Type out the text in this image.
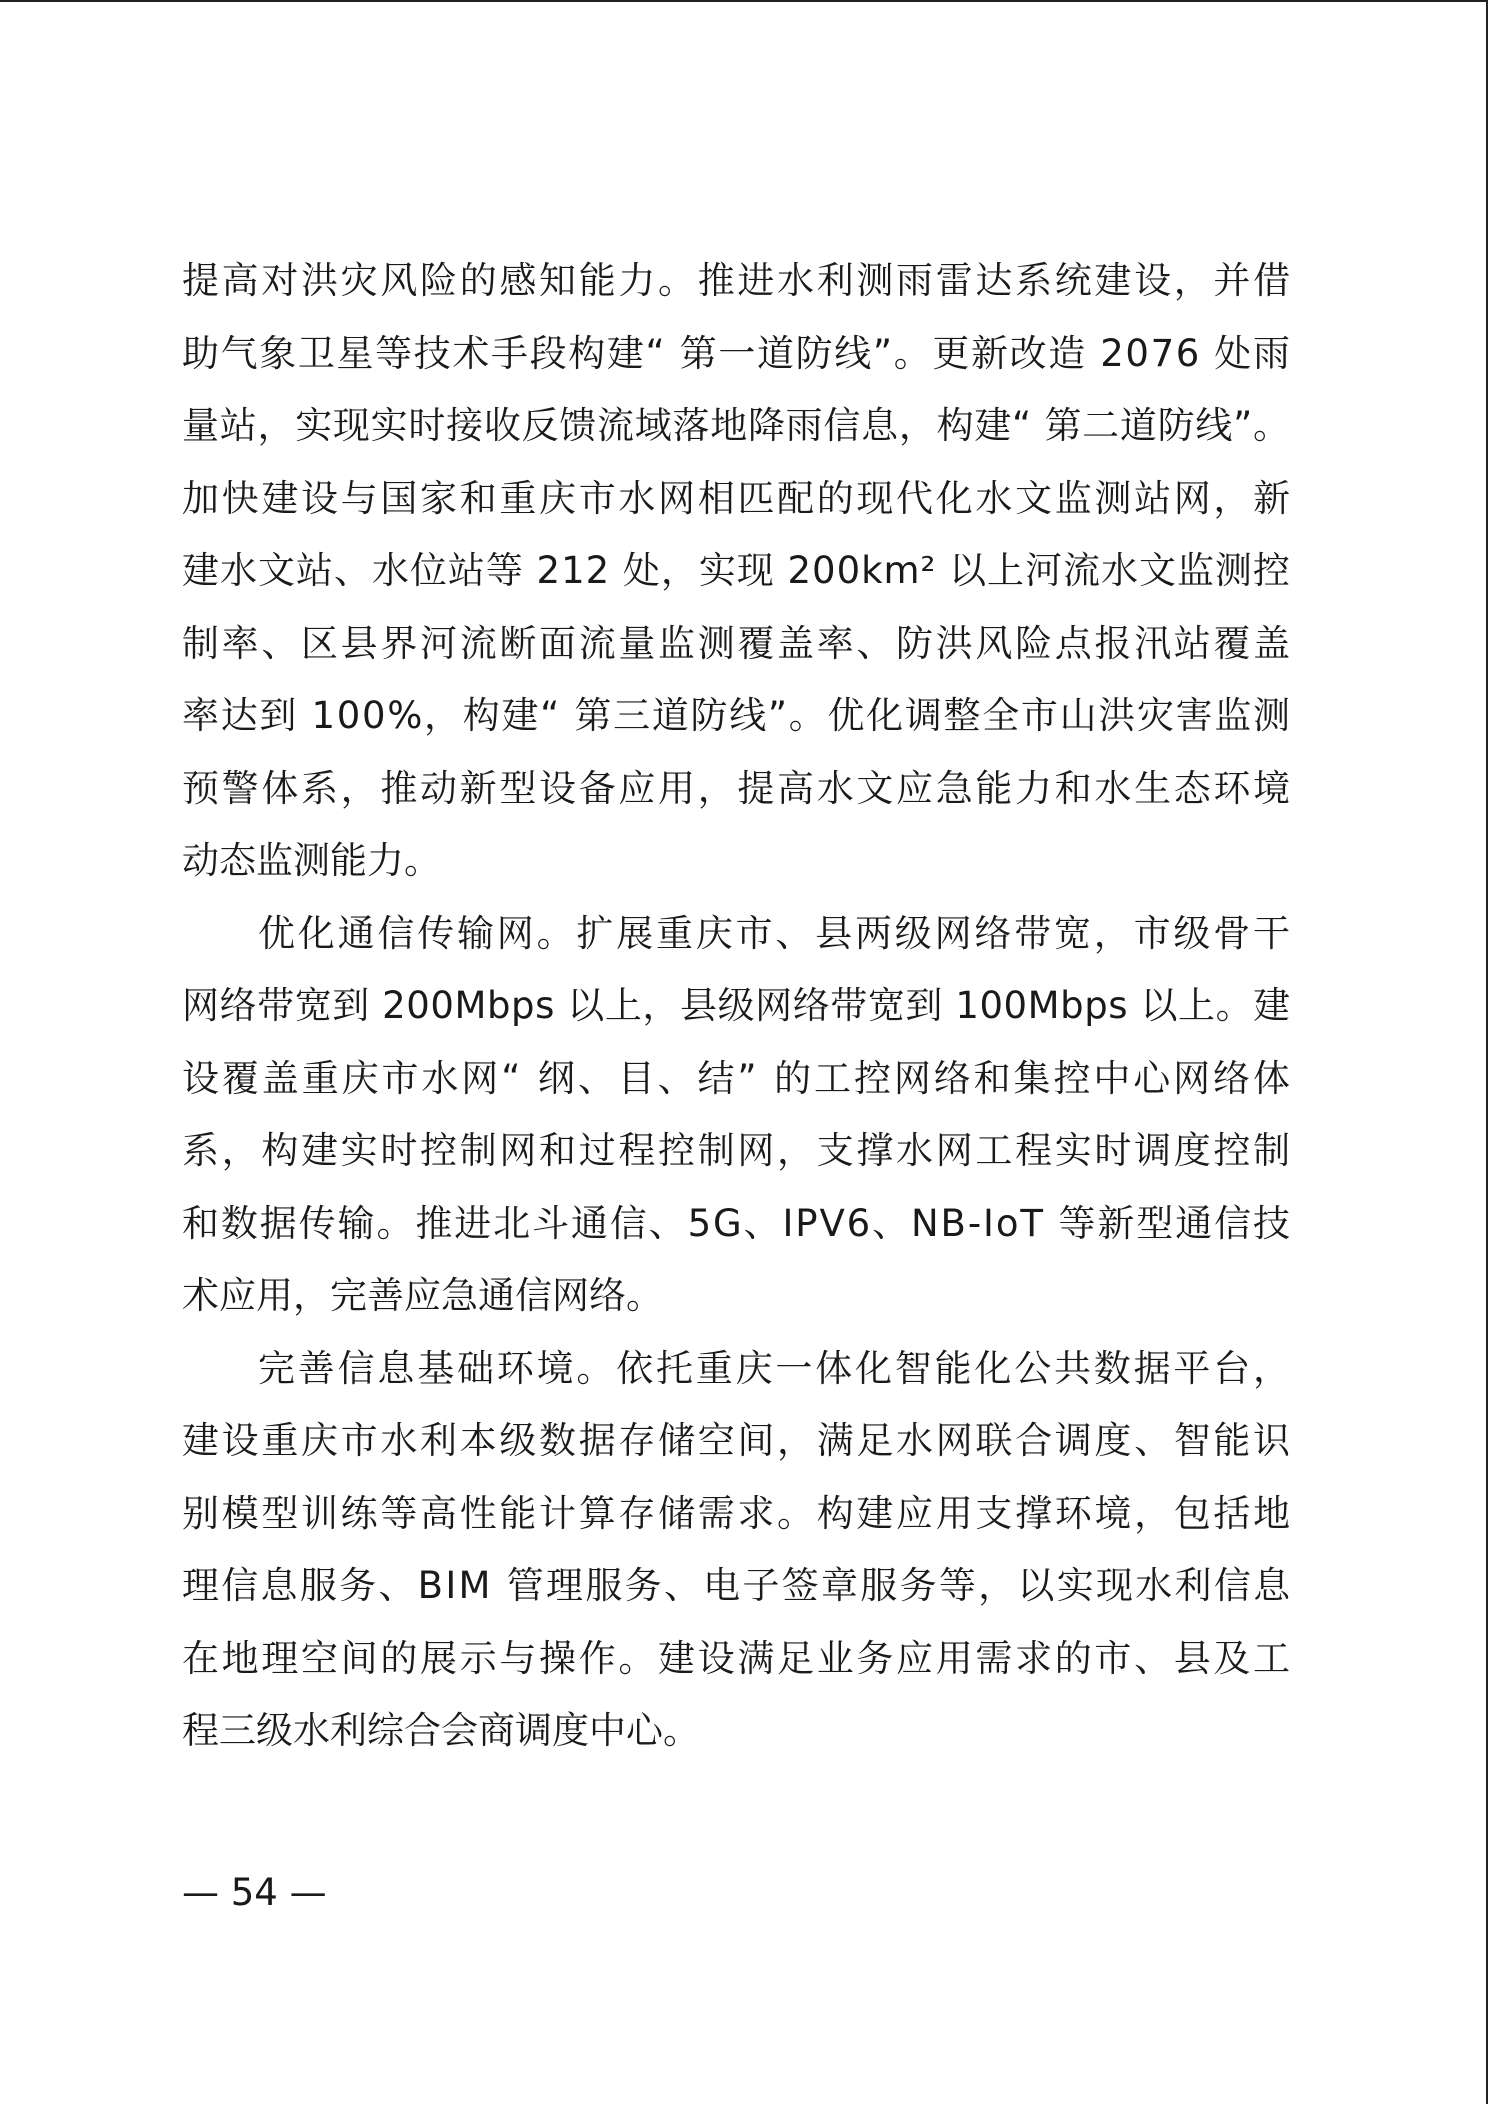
提高对洪灾风险的感知能力。推进水利测雨雷达系统建设，并借
助气象卫星等技术手段构建“ 第一道防线”。更新改造 2076 处雨
量站，实现实时接收反馈流域落地降雨信息，构建“ 第二道防线”。
加快建设与国家和重庆市水网相匹配的现代化水文监测站网，新
建水文站、水位站等 212 处，实现 200km² 以上河流水文监测控
制率、区县界河流断面流量监测覆盖率、防洪风险点报汛站覆盖
率达到 100%，构建“ 第三道防线”。优化调整全市山洪灾害监测
预警体系，推动新型设备应用，提高水文应急能力和水生态环境
动态监测能力。
优化通信传输网。扩展重庆市、县两级网络带宽，市级骨干
网络带宽到 200Mbps 以上，县级网络带宽到 100Mbps 以上。建
设覆盖重庆市水网“ 纲、目、结” 的工控网络和集控中心网络体
系，构建实时控制网和过程控制网，支撑水网工程实时调度控制
和数据传输。推进北斗通信、5G、IPV6、NB-IoT 等新型通信技
术应用，完善应急通信网络。
完善信息基础环境。依托重庆一体化智能化公共数据平台，
建设重庆市水利本级数据存储空间，满足水网联合调度、智能识
别模型训练等高性能计算存储需求。构建应用支撑环境，包括地
理信息服务、BIM 管理服务、电子签章服务等，以实现水利信息
在地理空间的展示与操作。建设满足业务应用需求的市、县及工
程三级水利综合会商调度中心。
— 54 —
